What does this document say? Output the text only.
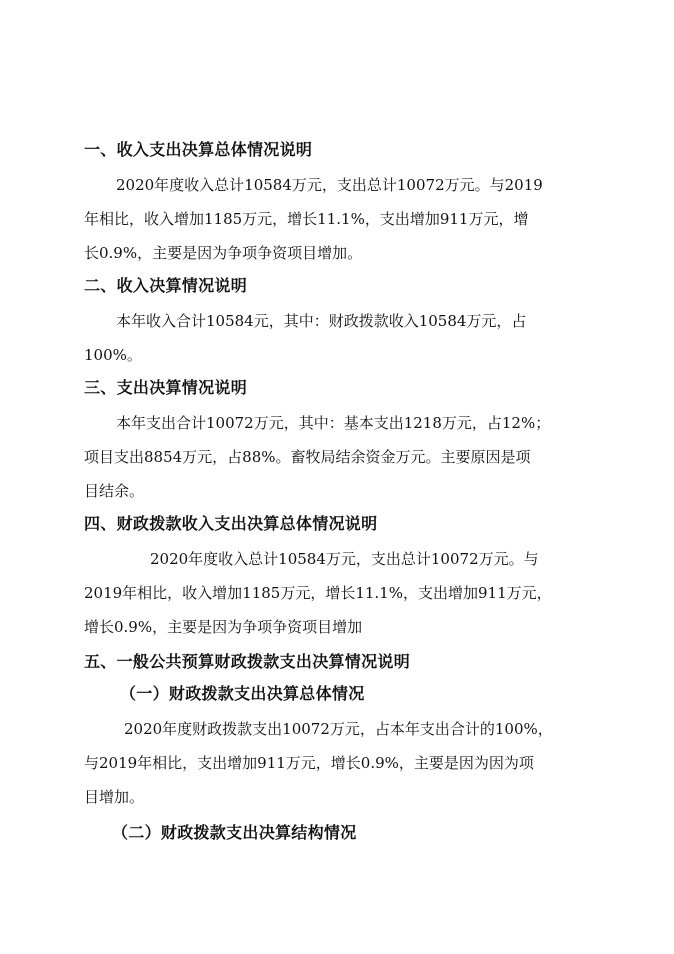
一、收入支出决算总体情况说明
2020年度收入总计10584万元，支出总计10072万元。与2019
年相比，收入增加1185万元，增长11.1%，支出增加911万元，增
长0.9%，主要是因为争项争资项目增加。
二、收入决算情况说明
本年收入合计10584元，其中：财政拨款收入10584万元，占
100%。
三、支出决算情况说明
本年支出合计10072万元，其中：基本支出1218万元，占12%；
项目支出8854万元，占88%。畜牧局结余资金万元。主要原因是项
目结余。
四、财政拨款收入支出决算总体情况说明
2020年度收入总计10584万元，支出总计10072万元。与
2019年相比，收入增加1185万元，增长11.1%，支出增加911万元，
增长0.9%，主要是因为争项争资项目增加
五、一般公共预算财政拨款支出决算情况说明
（一）财政拨款支出决算总体情况
2020年度财政拨款支出10072万元，占本年支出合计的100%，
与2019年相比，支出增加911万元，增长0.9%，主要是因为因为项
目增加。
（二）财政拨款支出决算结构情况
